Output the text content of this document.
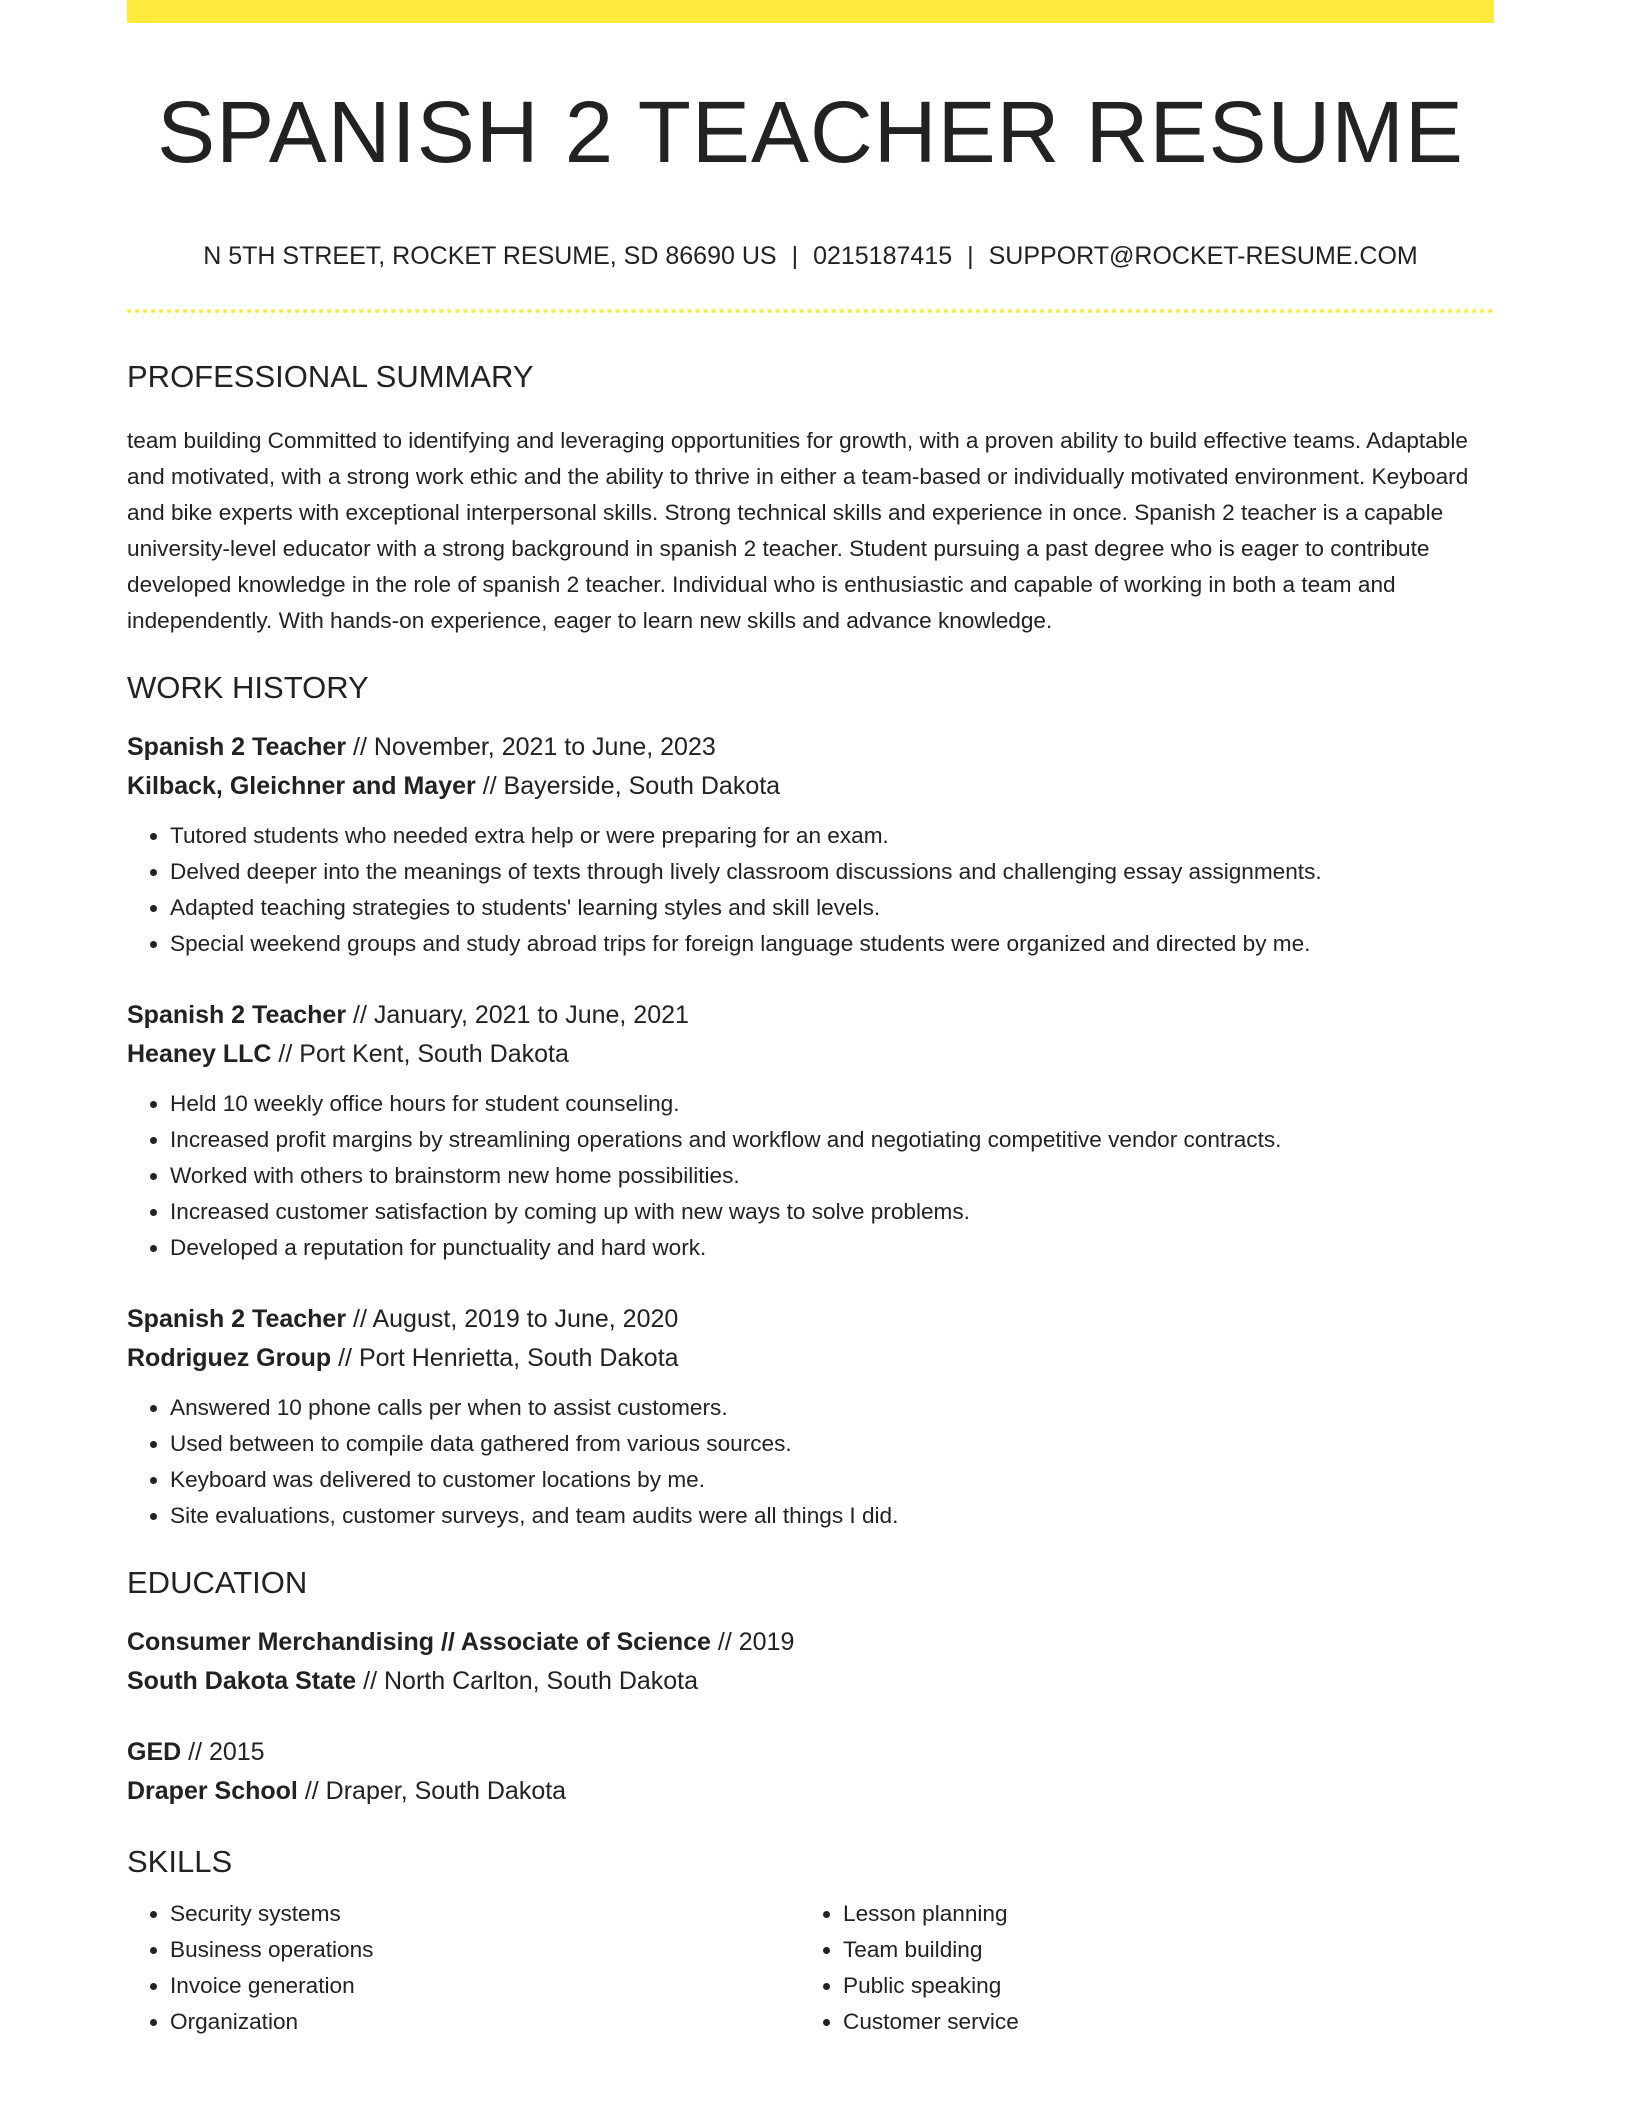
SPANISH 2 TEACHER RESUME
N 5TH STREET, ROCKET RESUME, SD 86690 US | 0215187415 | SUPPORT@ROCKET-RESUME.COM
PROFESSIONAL SUMMARY

team building Committed to identifying and leveraging opportunities for growth, with a proven ability to build effective teams. Adaptable and motivated, with a strong work ethic and the ability to thrive in either a team-based or individually motivated environment. Keyboard and bike experts with exceptional interpersonal skills. Strong technical skills and experience in once. Spanish 2 teacher is a capable university-level educator with a strong background in spanish 2 teacher. Student pursuing a past degree who is eager to contribute developed knowledge in the role of spanish 2 teacher. Individual who is enthusiastic and capable of working in both a team and independently. With hands-on experience, eager to learn new skills and advance knowledge.

WORK HISTORY
Spanish 2 Teacher // November, 2021 to June, 2023
Kilback, Gleichner and Mayer // Bayerside, South Dakota
• Tutored students who needed extra help or were preparing for an exam.
• Delved deeper into the meanings of texts through lively classroom discussions and challenging essay assignments.
• Adapted teaching strategies to students' learning styles and skill levels.
• Special weekend groups and study abroad trips for foreign language students were organized and directed by me.
Spanish 2 Teacher // January, 2021 to June, 2021
Heaney LLC // Port Kent, South Dakota
• Held 10 weekly office hours for student counseling.
• Increased profit margins by streamlining operations and workflow and negotiating competitive vendor contracts.
• Worked with others to brainstorm new home possibilities.
• Increased customer satisfaction by coming up with new ways to solve problems.
• Developed a reputation for punctuality and hard work.
Spanish 2 Teacher // August, 2019 to June, 2020
Rodriguez Group // Port Henrietta, South Dakota
• Answered 10 phone calls per when to assist customers.
• Used between to compile data gathered from various sources.
• Keyboard was delivered to customer locations by me.
• Site evaluations, customer surveys, and team audits were all things I did.
EDUCATION
Consumer Merchandising // Associate of Science // 2019
South Dakota State // North Carlton, South Dakota
GED // 2015
Draper School // Draper, South Dakota
SKILLS
• Security systems
• Business operations
• Invoice generation
• Organization
• Lesson planning
• Team building
• Public speaking
• Customer service
